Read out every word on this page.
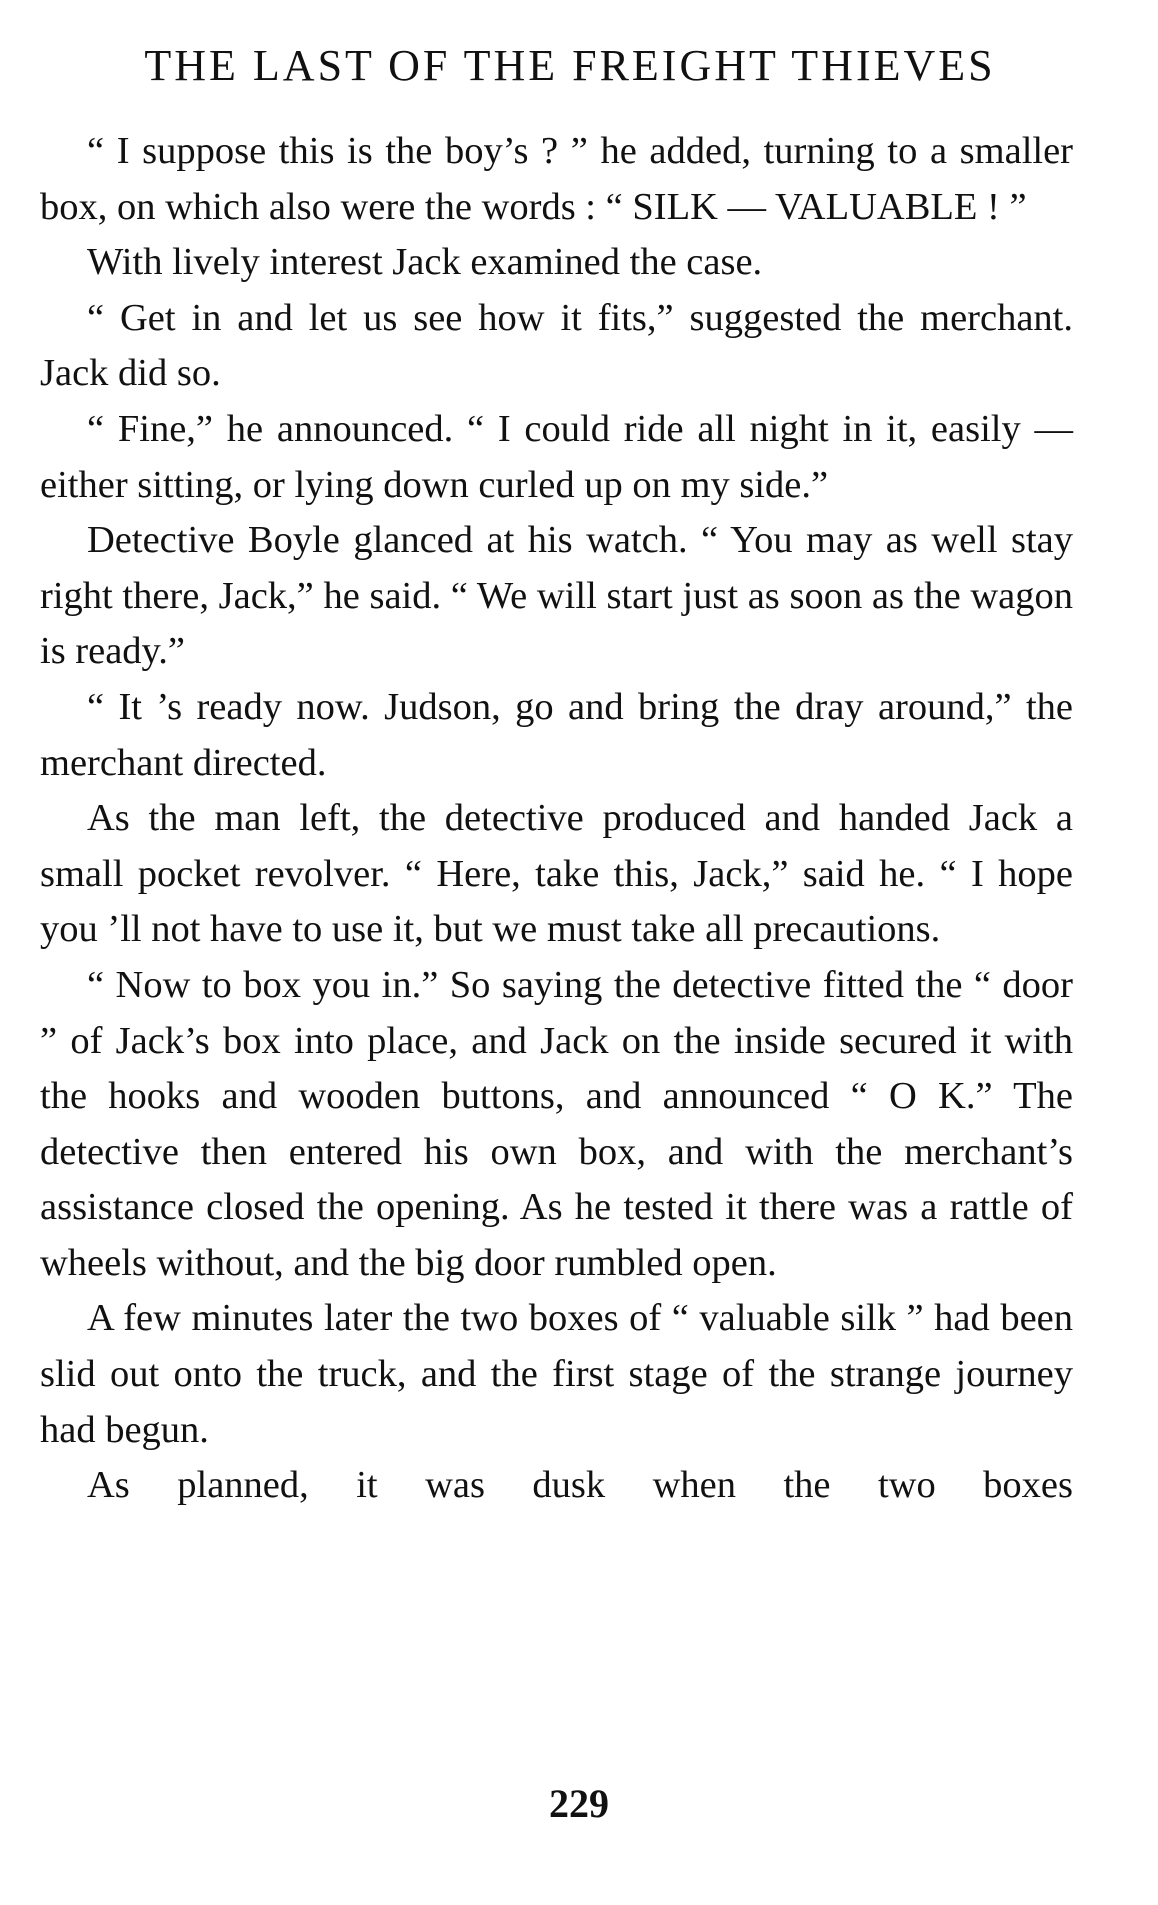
THE LAST OF THE FREIGHT THIEVES

“ I suppose this is the boy’s ? ” he added, turning to a smaller box, on which also were the words : “ SILK — VALUABLE ! ”

With lively interest Jack examined the case.

“ Get in and let us see how it fits,” suggested the merchant. Jack did so.

“ Fine,” he announced. “ I could ride all night in it, easily — either sitting, or lying down curled up on my side.”

Detective Boyle glanced at his watch. “ You may as well stay right there, Jack,” he said. “ We will start just as soon as the wagon is ready.”

“ It ’s ready now. Judson, go and bring the dray around,” the merchant directed.

As the man left, the detective produced and handed Jack a small pocket revolver. “ Here, take this, Jack,” said he. “ I hope you ’ll not have to use it, but we must take all precautions.

“ Now to box you in.” So saying the detective fitted the “ door ” of Jack’s box into place, and Jack on the inside secured it with the hooks and wooden buttons, and announced “ O K.” The detective then entered his own box, and with the merchant’s assistance closed the opening. As he tested it there was a rattle of wheels without, and the big door rumbled open.

A few minutes later the two boxes of “ valuable silk ” had been slid out onto the truck, and the first stage of the strange journey had begun.

As planned, it was dusk when the two boxes

229
